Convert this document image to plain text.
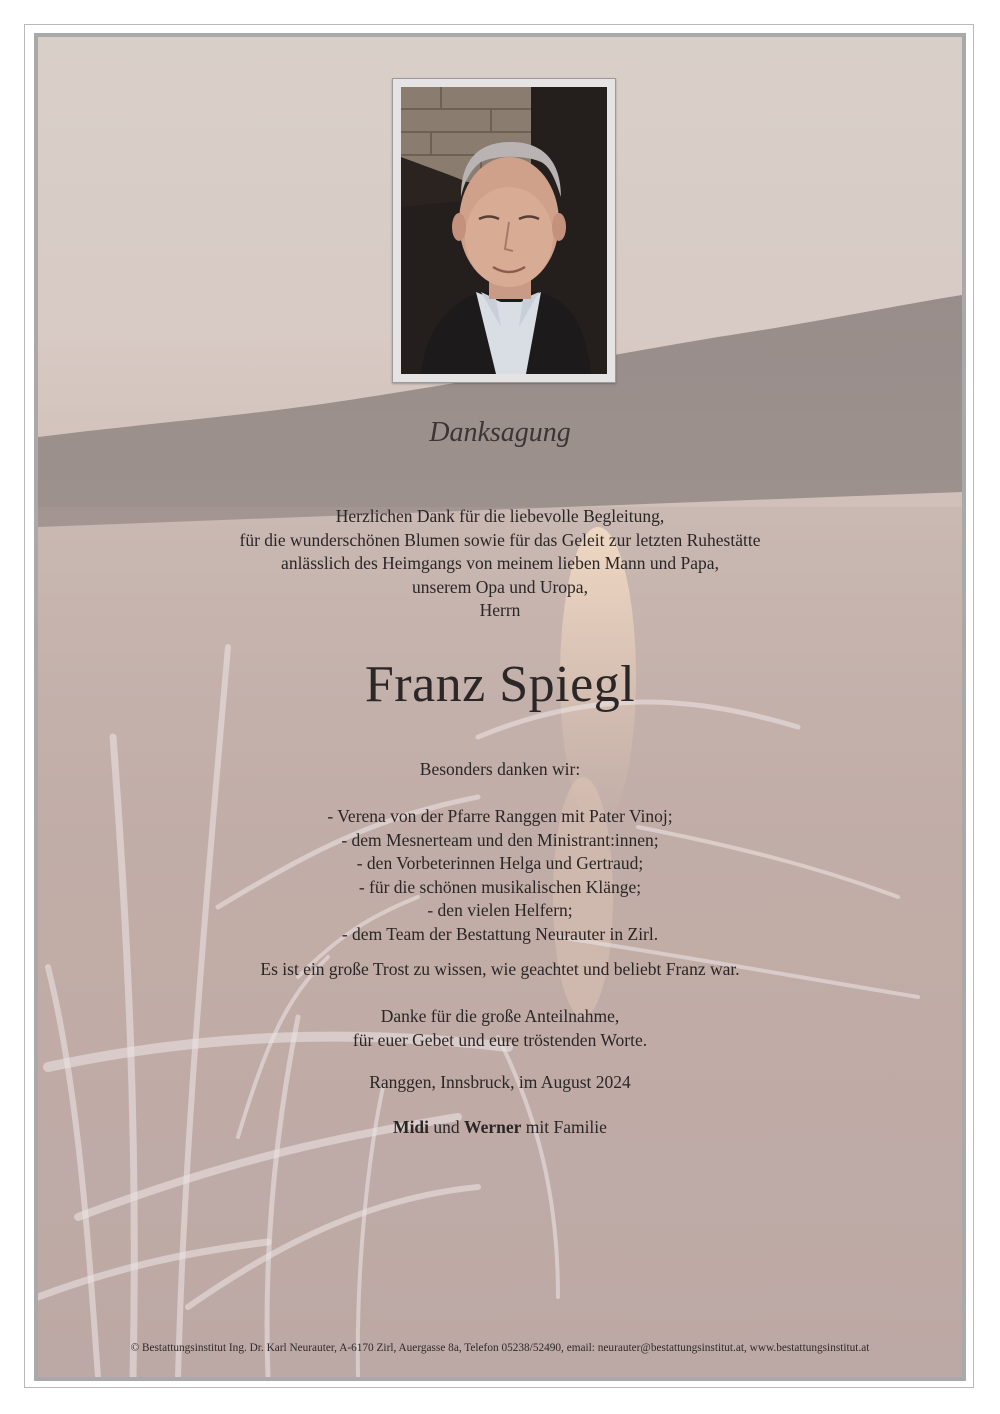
Danksagung
Herzlichen Dank für die liebevolle Begleitung,
für die wunderschönen Blumen sowie für das Geleit zur letzten Ruhestätte
anlässlich des Heimgangs von meinem lieben Mann und Papa,
unserem Opa und Uropa,
Herrn
Franz Spiegl
Besonders danken wir:
- Verena von der Pfarre Ranggen mit Pater Vinoj;
- dem Mesnerteam und den Ministrant:innen;
- den Vorbeterinnen Helga und Gertraud;
- für die schönen musikalischen Klänge;
- den vielen Helfern;
- dem Team der Bestattung Neurauter in Zirl.
Es ist ein große Trost zu wissen, wie geachtet und beliebt Franz war.
Danke für die große Anteilnahme,
für euer Gebet und eure tröstenden Worte.
Ranggen, Innsbruck, im August 2024
Midi und Werner mit Familie
© Bestattungsinstitut Ing. Dr. Karl Neurauter, A-6170 Zirl, Auergasse 8a, Telefon 05238/52490, email: neurauter@bestattungsinstitut.at, www.bestattungsinstitut.at
